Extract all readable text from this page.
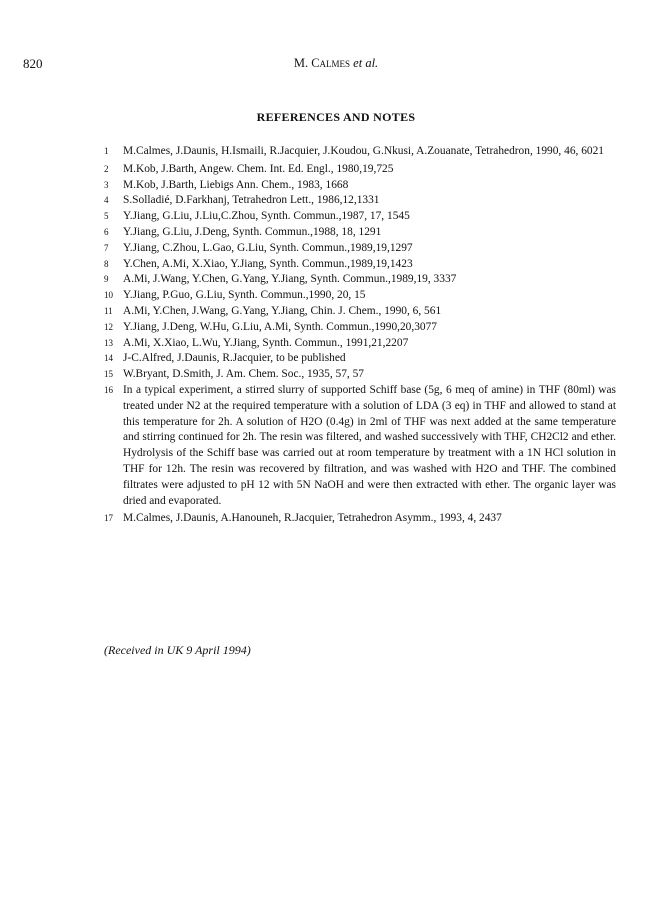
820	M. Calmes et al.
REFERENCES AND NOTES
1	M.Calmes, J.Daunis, H.Ismaili, R.Jacquier, J.Koudou, G.Nkusi, A.Zouanate, Tetrahedron, 1990, 46, 6021
2	M.Kob, J.Barth, Angew. Chem. Int. Ed. Engl., 1980,19,725
3	M.Kob, J.Barth, Liebigs Ann. Chem., 1983, 1668
4	S.Solladié, D.Farkhanj, Tetrahedron Lett., 1986,12,1331
5	Y.Jiang, G.Liu, J.Liu,C.Zhou, Synth. Commun.,1987, 17, 1545
6	Y.Jiang, G.Liu, J.Deng, Synth. Commun.,1988, 18, 1291
7	Y.Jiang, C.Zhou, L.Gao, G.Liu, Synth. Commun.,1989,19,1297
8	Y.Chen, A.Mi, X.Xiao, Y.Jiang, Synth. Commun.,1989,19,1423
9	A.Mi, J.Wang, Y.Chen, G.Yang, Y.Jiang, Synth. Commun.,1989,19, 3337
10 Y.Jiang, P.Guo, G.Liu, Synth. Commun.,1990, 20, 15
11 A.Mi, Y.Chen, J.Wang, G.Yang, Y.Jiang, Chin. J. Chem., 1990, 6, 561
12 Y.Jiang, J.Deng, W.Hu, G.Liu, A.Mi, Synth. Commun.,1990,20,3077
13 A.Mi, X.Xiao, L.Wu, Y.Jiang, Synth. Commun., 1991,21,2207
14 J-C.Alfred, J.Daunis, R.Jacquier, to be published
15 W.Bryant, D.Smith, J. Am. Chem. Soc., 1935, 57, 57
16 In a typical experiment, a stirred slurry of supported Schiff base (5g, 6 meq of amine) in THF (80ml) was treated under N2 at the required temperature with a solution of LDA (3 eq) in THF and allowed to stand at this temperature for 2h. A solution of H2O (0.4g) in 2ml of THF was next added at the same temperature and stirring continued for 2h. The resin was filtered, and washed successively with THF, CH2Cl2 and ether. Hydrolysis of the Schiff base was carried out at room temperature by treatment with a 1N HCl solution in THF for 12h. The resin was recovered by filtration, and was washed with H2O and THF. The combined filtrates were adjusted to pH 12 with 5N NaOH and were then extracted with ether. The organic layer was dried and evaporated.
17 M.Calmes, J.Daunis, A.Hanouneh, R.Jacquier, Tetrahedron Asymm., 1993, 4, 2437
(Received in UK 9 April 1994)
